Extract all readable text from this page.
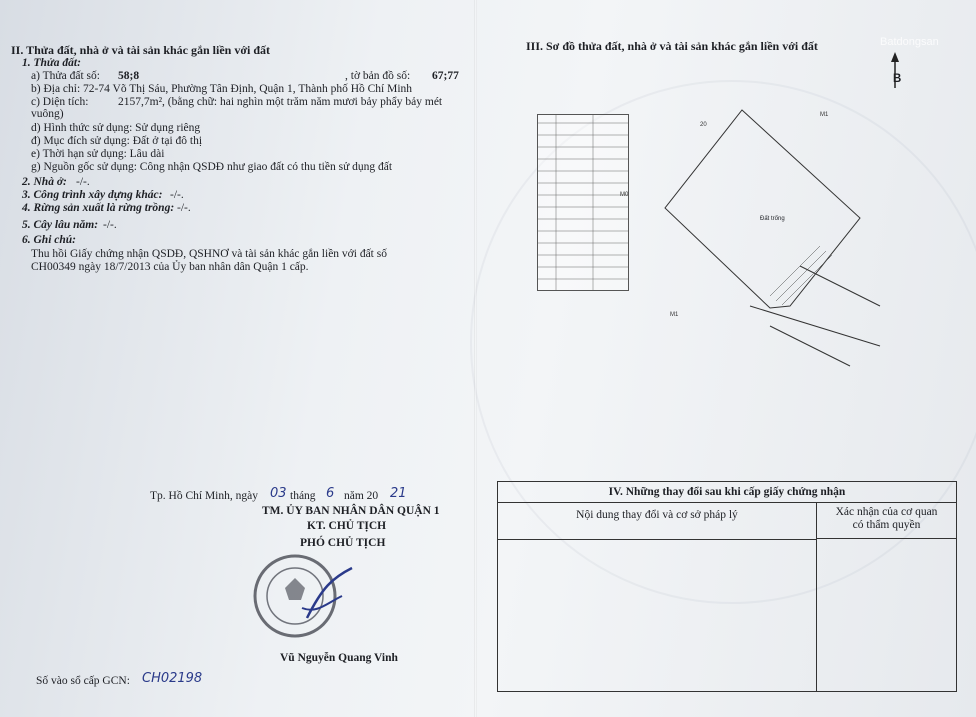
II. Thửa đất, nhà ở và tài sản khác gắn liền với đất
1. Thửa đất:
a) Thửa đất số: 58;8	, tờ bản đồ số: 67;77
b) Địa chỉ: 72-74 Võ Thị Sáu, Phường Tân Định, Quận 1, Thành phố Hồ Chí Minh
c) Diện tích:	2157,7m², (bằng chữ: hai nghìn một trăm năm mươi bảy phẩy bảy mét
vuông)
d) Hình thức sử dụng: Sử dụng riêng
đ) Mục đích sử dụng: Đất ở tại đô thị
e) Thời hạn sử dụng: Lâu dài
g) Nguồn gốc sử dụng: Công nhận QSDĐ như giao đất có thu tiền sử dụng đất
2. Nhà ở: -/-.
3. Công trình xây dựng khác: -/-.
4. Rừng sản xuất là rừng trồng: -/-.
5. Cây lâu năm: -/-.
6. Ghi chú:
Thu hồi Giấy chứng nhận QSDĐ, QSHNƠ và tài sản khác gắn liền với đất số
CH00349 ngày 18/7/2013 của Ủy ban nhân dân Quận 1 cấp.
Tp. Hồ Chí Minh, ngày 03 tháng 6 năm 20 21
TM. ỦY BAN NHÂN DÂN QUẬN 1
KT. CHỦ TỊCH
PHÓ CHỦ TỊCH
Vũ Nguyễn Quang Vinh
Số vào sổ cấp GCN: CH02198
III. Sơ đồ thửa đất, nhà ở và tài sản khác gắn liền với đất	Batdongsan
B
20
M1
M0
M1
Đất trống
IV. Những thay đổi sau khi cấp giấy chứng nhận
Nội dung thay đổi và cơ sở pháp lý	Xác nhận của cơ quan
có thẩm quyền
